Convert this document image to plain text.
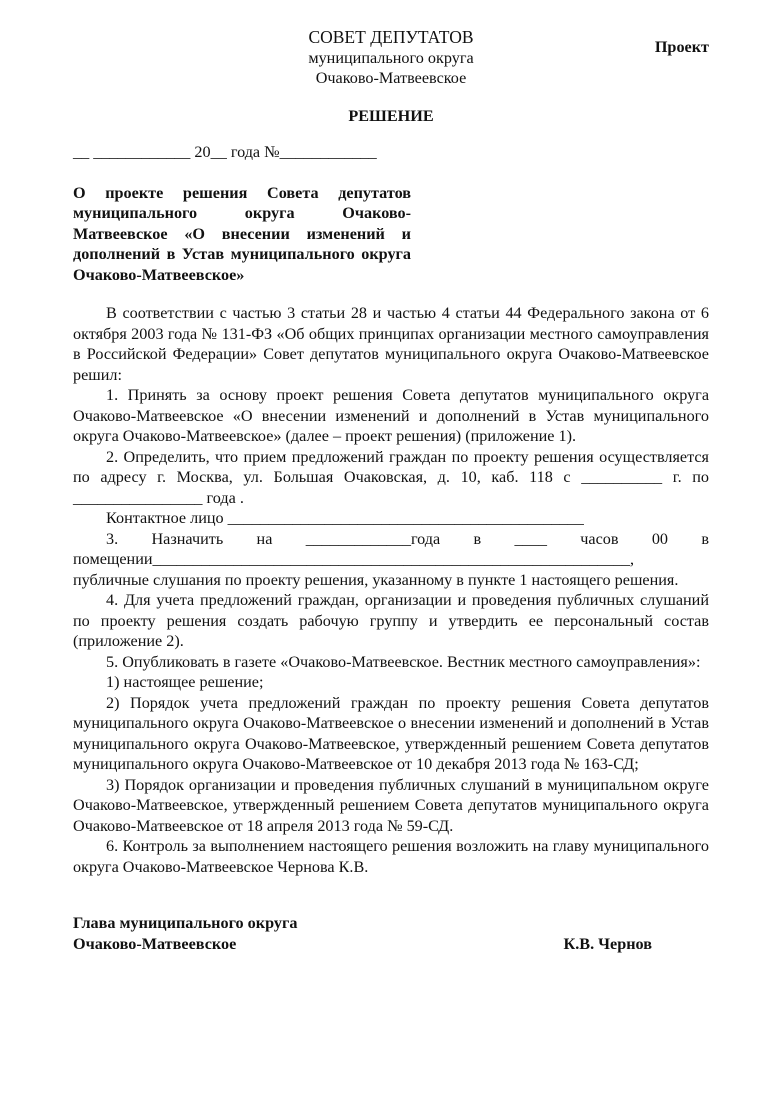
Проект
СОВЕТ ДЕПУТАТОВ
муниципального округа
Очаково-Матвеевское
РЕШЕНИЕ
__ ____________ 20__ года №____________
О проекте решения Совета депутатов муниципального округа Очаково-Матвеевское «О внесении изменений и дополнений в Устав муниципального округа Очаково-Матвеевское»

В соответствии с частью 3 статьи 28 и частью 4 статьи 44 Федерального закона от 6 октября 2003 года № 131-ФЗ «Об общих принципах организации местного самоуправления в Российской Федерации» Совет депутатов муниципального округа Очаково-Матвеевское решил:

1. Принять за основу проект решения Совета депутатов муниципального округа Очаково-Матвеевское «О внесении изменений и дополнений в Устав муниципального округа Очаково-Матвеевское» (далее – проект решения) (приложение 1).

2. Определить, что прием предложений граждан по проекту решения осуществляется по адресу г. Москва, ул. Большая Очаковская, д. 10, каб. 118 с __________ г. по ________________ года .

Контактное лицо ____________________________________________

3. Назначить на _____________года в ____ часов 00 в

помещении___________________________________________________________,

публичные слушания по проекту решения, указанному в пункте 1 настоящего решения.

4. Для учета предложений граждан, организации и проведения публичных слушаний по проекту решения создать рабочую группу и утвердить ее персональный состав (приложение 2).

5. Опубликовать в газете «Очаково-Матвеевское. Вестник местного самоуправления»:

1) настоящее решение;

2) Порядок учета предложений граждан по проекту решения Совета депутатов муниципального округа Очаково-Матвеевское о внесении изменений и дополнений в Устав муниципального округа Очаково-Матвеевское, утвержденный решением Совета депутатов муниципального округа Очаково-Матвеевское от 10 декабря 2013 года № 163-СД;

3) Порядок организации и проведения публичных слушаний в муниципальном округе Очаково-Матвеевское, утвержденный решением Совета депутатов муниципального округа Очаково-Матвеевское от 18 апреля 2013 года № 59-СД.

6. Контроль за выполнением настоящего решения возложить на главу муниципального округа Очаково-Матвеевское Чернова К.В.

Глава муниципального округа
Очаково-Матвеевское	К.В. Чернов
